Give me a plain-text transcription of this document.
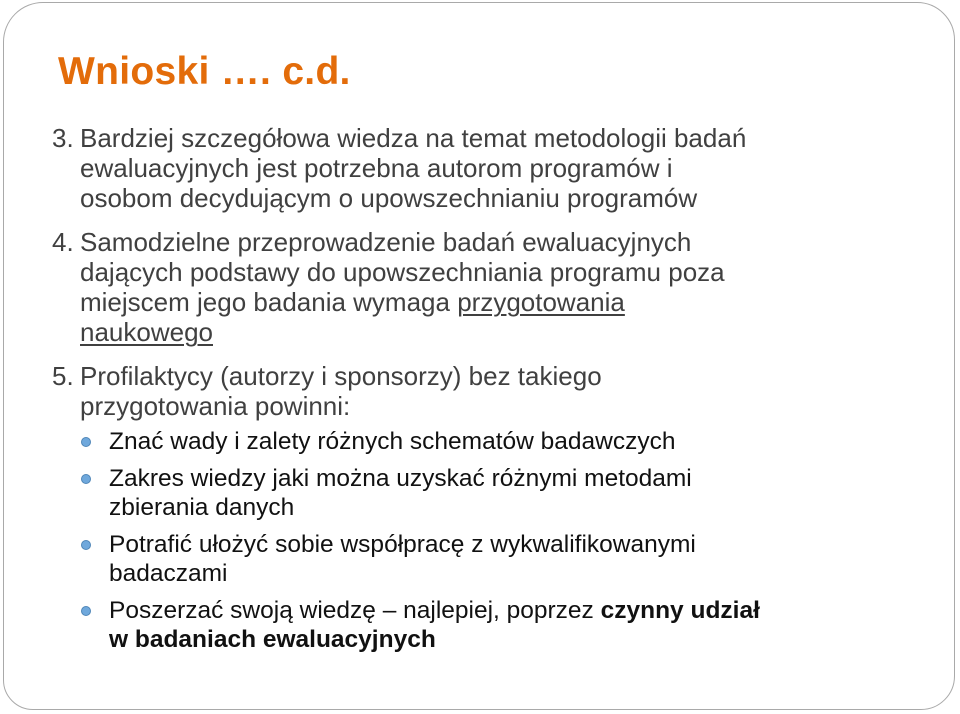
Wnioski …. c.d.
3. Bardziej szczegółowa wiedza na temat metodologii badań
ewaluacyjnych jest potrzebna autorom programów i
osobom decydującym o upowszechnianiu programów
4. Samodzielne przeprowadzenie badań ewaluacyjnych
dających podstawy do upowszechniania programu poza
miejscem jego badania wymaga przygotowania
naukowego
5. Profilaktycy (autorzy i sponsorzy) bez takiego
przygotowania powinni:
Znać wady i zalety różnych schematów badawczych
Zakres wiedzy jaki można uzyskać różnymi metodami
zbierania danych
Potrafić ułożyć sobie współpracę z wykwalifikowanymi
badaczami
Poszerzać swoją wiedzę – najlepiej, poprzez czynny udział
w badaniach ewaluacyjnych
